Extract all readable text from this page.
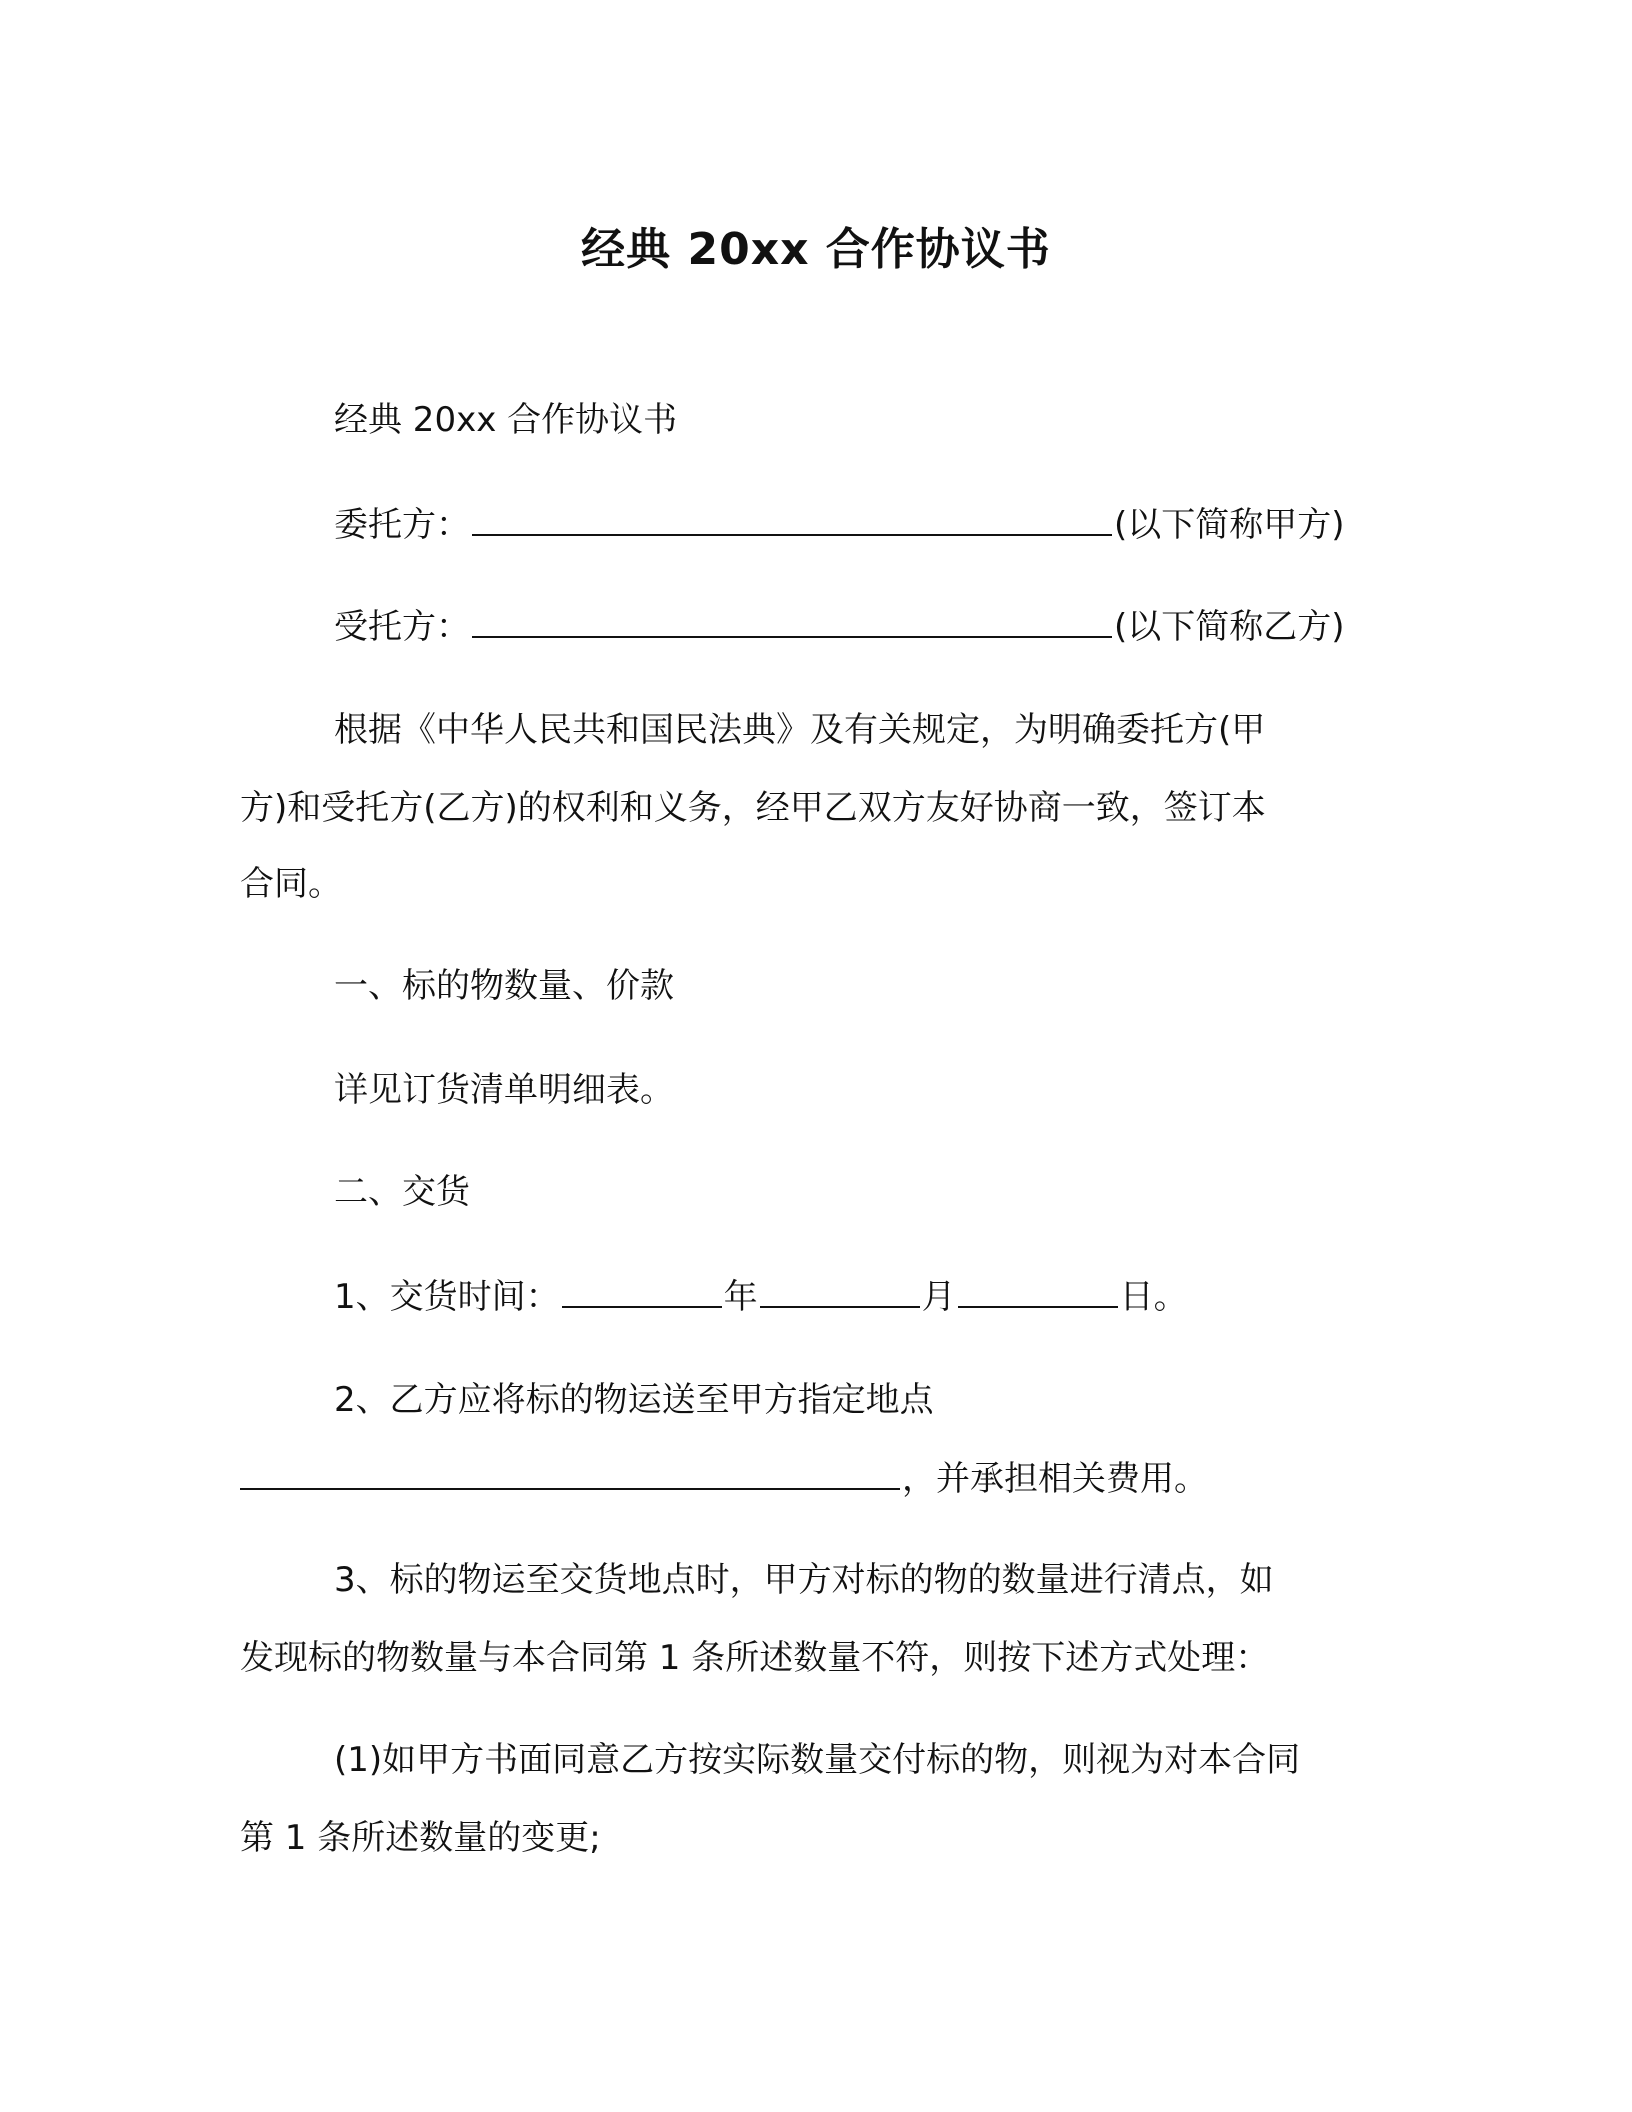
经典 20xx 合作协议书
经典 20xx 合作协议书
委托方：	(以下简称甲方)
受托方：	(以下简称乙方)
根据《中华人民共和国民法典》及有关规定，为明确委托方(甲
方)和受托方(乙方)的权利和义务，经甲乙双方友好协商一致，签订本
合同。
一、标的物数量、价款
详见订货清单明细表。
二、交货
1、交货时间：	年	月	日。
2、乙方应将标的物运送至甲方指定地点
，并承担相关费用。
3、标的物运至交货地点时，甲方对标的物的数量进行清点，如
发现标的物数量与本合同第 1 条所述数量不符，则按下述方式处理：
(1)如甲方书面同意乙方按实际数量交付标的物，则视为对本合同
第 1 条所述数量的变更;
